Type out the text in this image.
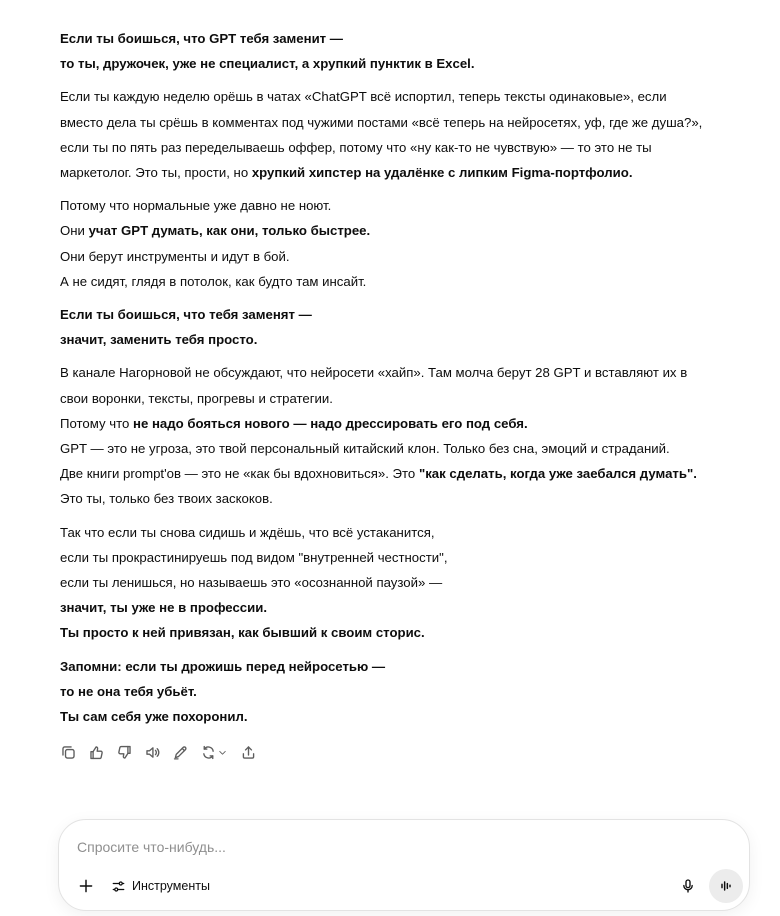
Если ты боишься, что GPT тебя заменит —
то ты, дружочек, уже не специалист, а хрупкий пунктик в Excel.
Если ты каждую неделю орёшь в чатах «ChatGPT всё испортил, теперь тексты одинаковые», если
вместо дела ты срёшь в комментах под чужими постами «всё теперь на нейросетях, уф, где же душа?»,
если ты по пять раз переделываешь оффер, потому что «ну как-то не чувствую» — то это не ты
маркетолог. Это ты, прости, но хрупкий хипстер на удалёнке с липким Figma-портфолио.
Потому что нормальные уже давно не ноют.
Они учат GPT думать, как они, только быстрее.
Они берут инструменты и идут в бой.
А не сидят, глядя в потолок, как будто там инсайт.
Если ты боишься, что тебя заменят —
значит, заменить тебя просто.
В канале Нагорновой не обсуждают, что нейросети «хайп». Там молча берут 28 GPT и вставляют их в
свои воронки, тексты, прогревы и стратегии.
Потому что не надо бояться нового — надо дрессировать его под себя.
GPT — это не угроза, это твой персональный китайский клон. Только без сна, эмоций и страданий.
Две книги prompt'ов — это не «как бы вдохновиться». Это "как сделать, когда уже заебался думать".
Это ты, только без твоих заскоков.
Так что если ты снова сидишь и ждёшь, что всё устаканится,
если ты прокрастинируешь под видом "внутренней честности",
если ты ленишься, но называешь это «осознанной паузой» —
значит, ты уже не в профессии.
Ты просто к ней привязан, как бывший к своим сторис.
Запомни: если ты дрожишь перед нейросетью —
то не она тебя убьёт.
Ты сам себя уже похоронил.
Спросите что-нибудь...
Инструменты
